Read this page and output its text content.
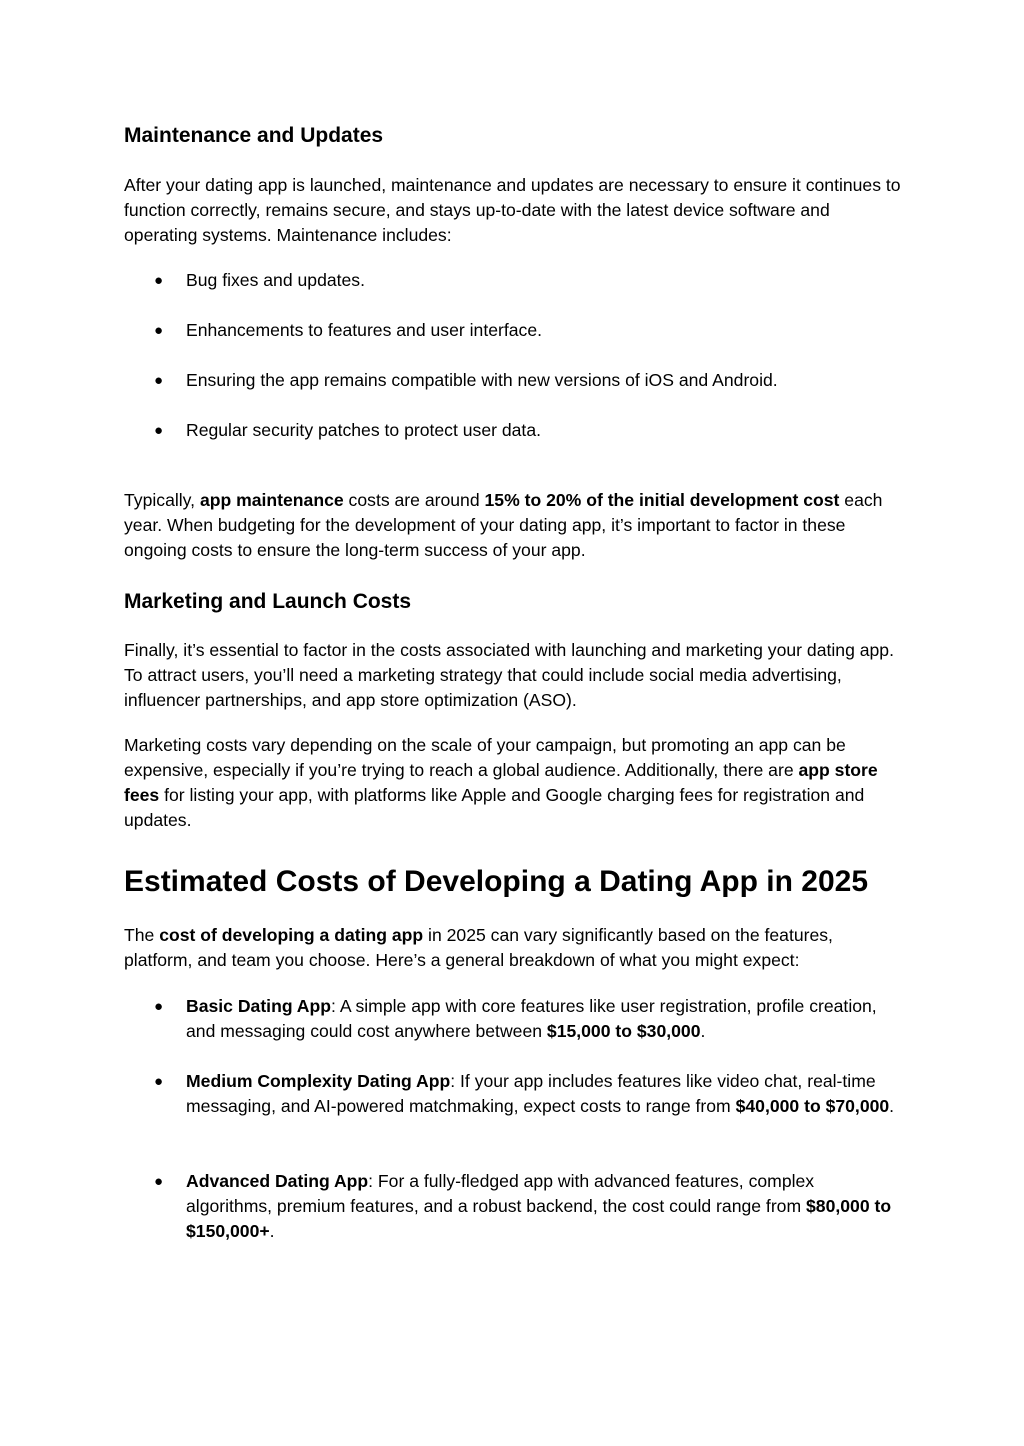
Maintenance and Updates

After your dating app is launched, maintenance and updates are necessary to ensure it continues to function correctly, remains secure, and stays up-to-date with the latest device software and operating systems. Maintenance includes:

● Bug fixes and updates.
● Enhancements to features and user interface.
● Ensuring the app remains compatible with new versions of iOS and Android.
● Regular security patches to protect user data.

Typically, app maintenance costs are around 15% to 20% of the initial development cost each year. When budgeting for the development of your dating app, it’s important to factor in these ongoing costs to ensure the long-term success of your app.

Marketing and Launch Costs

Finally, it’s essential to factor in the costs associated with launching and marketing your dating app. To attract users, you’ll need a marketing strategy that could include social media advertising, influencer partnerships, and app store optimization (ASO).

Marketing costs vary depending on the scale of your campaign, but promoting an app can be expensive, especially if you’re trying to reach a global audience. Additionally, there are app store fees for listing your app, with platforms like Apple and Google charging fees for registration and updates.

Estimated Costs of Developing a Dating App in 2025

The cost of developing a dating app in 2025 can vary significantly based on the features, platform, and team you choose. Here’s a general breakdown of what you might expect:

● Basic Dating App: A simple app with core features like user registration, profile creation, and messaging could cost anywhere between $15,000 to $30,000.
● Medium Complexity Dating App: If your app includes features like video chat, real-time messaging, and AI-powered matchmaking, expect costs to range from $40,000 to $70,000.
● Advanced Dating App: For a fully-fledged app with advanced features, complex algorithms, premium features, and a robust backend, the cost could range from $80,000 to $150,000+.
